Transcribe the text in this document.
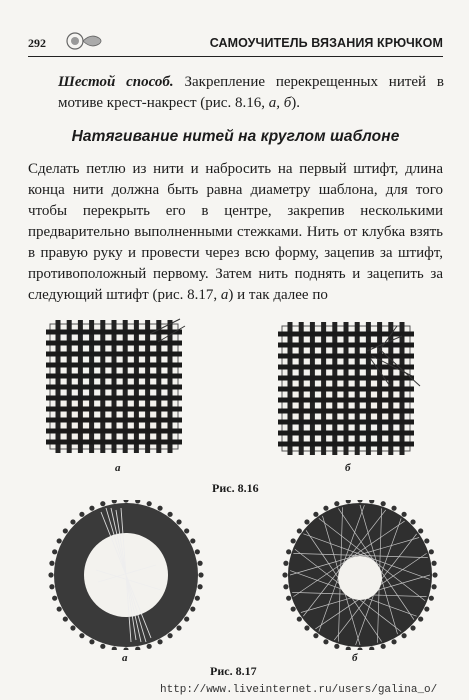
292	САМОУЧИТЕЛЬ ВЯЗАНИЯ КРЮЧКОМ

Шестой способ. Закрепление перекрещенных нитей в мотиве крест-накрест (рис. 8.16, а, б).

Натягивание нитей на круглом шаблоне

Сделать петлю из нити и набросить на первый штифт, длина конца нити должна быть равна диаметру шаблона, для того чтобы перекрыть его в центре, закрепив несколькими предварительно выполненными стежками. Нить от клубка взять в правую руку и провести через всю форму, зацепив за штифт, противоположный первому. Затем нить поднять и зацепить за следующий штифт (рис. 8.17, а) и так далее по

а	б
Рис. 8.16
а	б
Рис. 8.17
http://www.liveinternet.ru/users/galina_o/
